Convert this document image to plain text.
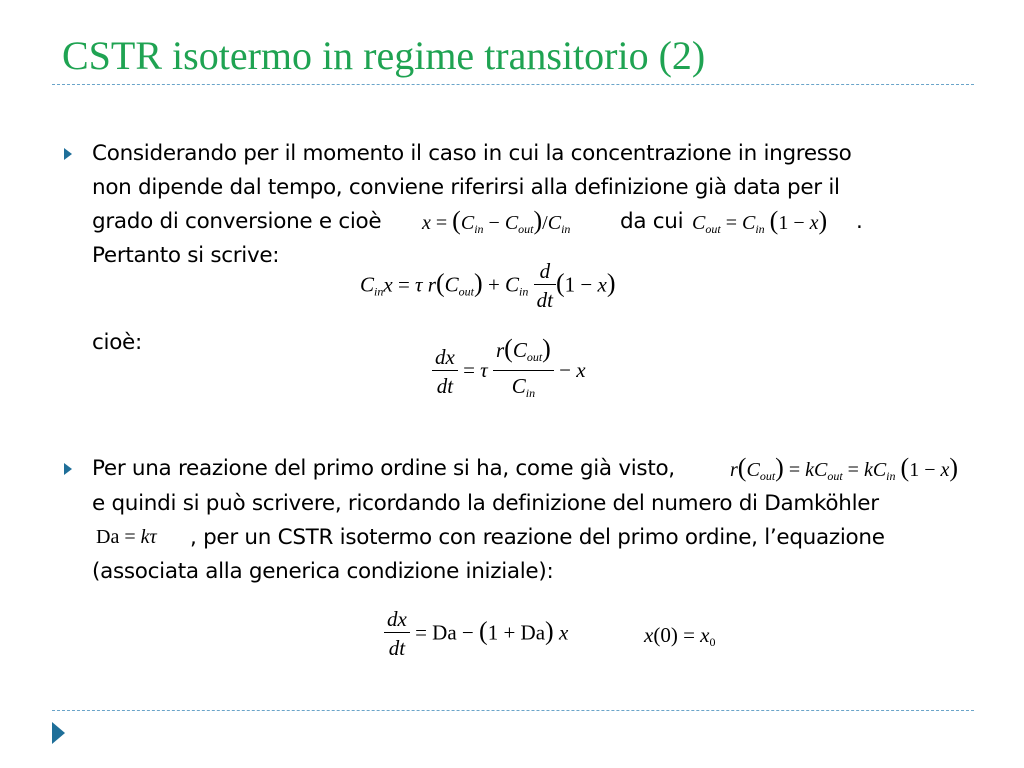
CSTR isotermo in regime transitorio (2)
Considerando per il momento il caso in cui la concentrazione in ingresso
non dipende dal tempo, conviene riferirsi alla definizione già data per il
grado di conversione e cioè	da cui	.
Pertanto si scrive:
$x = (C_{in} - C_{out})/C_{in}$	$C_{out} = C_{in}$ (1 − x)
$C_{in}x = \tau$ $r(C_{out}) + C_{in} \frac{d}{dt} (1 - x)$
cioè:
$\frac{dx}{dt} = \tau \frac{r(C_{out})}{C_{in}} - x$
Per una reazione del primo ordine si ha, come già visto,	$r(C_{out}) = kC_{out} = kC_{in}$ (1 − x)
e quindi si può scrivere, ricordando la definizione del numero di Damköhler
Da = kτ , per un CSTR isotermo con reazione del primo ordine, l’equazione
(associata alla generica condizione iniziale):
$\frac{dx}{dt} = Da - (1 + Da)$ x	$x(0) = x_0$
